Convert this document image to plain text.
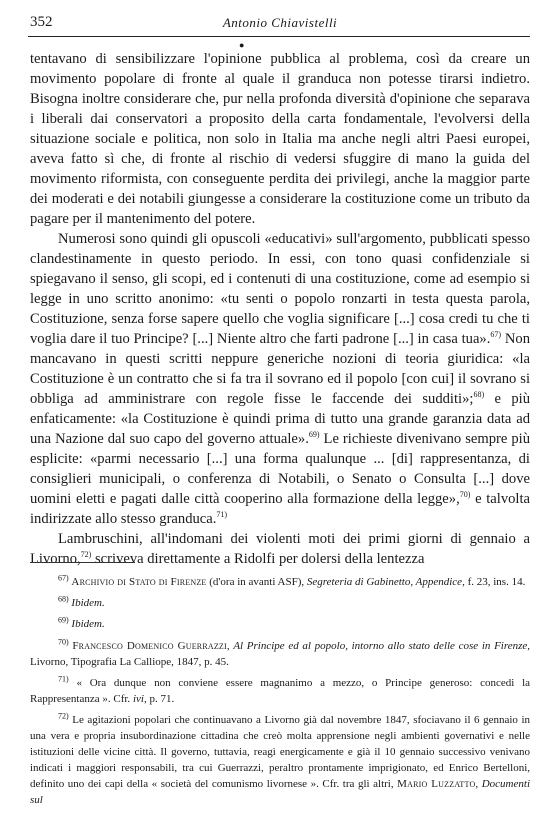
352	Antonio Chiavistelli
●

tentavano di sensibilizzare l'opinione pubblica al problema, così da creare un movimento popolare di fronte al quale il granduca non potesse tirarsi indietro. Bisogna inoltre considerare che, pur nella profonda diversità d'opinione che separava i liberali dai conservatori a proposito della carta fondamentale, l'evolversi della situazione sociale e politica, non solo in Italia ma anche negli altri Paesi europei, aveva fatto sì che, di fronte al rischio di vedersi sfuggire di mano la guida del movimento riformista, con conseguente perdita dei privilegi, anche la maggior parte dei moderati e dei notabili giungesse a considerare la costituzione come un tributo da pagare per il mantenimento del potere.

Numerosi sono quindi gli opuscoli «educativi» sull'argomento, pubblicati spesso clandestinamente in questo periodo. In essi, con tono quasi confidenziale si spiegavano il senso, gli scopi, ed i contenuti di una costituzione, come ad esempio si legge in uno scritto anonimo: «tu senti o popolo ronzarti in testa questa parola, Costituzione, senza forse sapere quello che voglia significare [...] cosa credi tu che ti voglia dare il tuo Principe? [...] Niente altro che farti padrone [...] in casa tua».$^{67)}$ Non mancavano in questi scritti neppure generiche nozioni di teoria giuridica: «la Costituzione è un contratto che si fa tra il sovrano ed il popolo [con cui] il sovrano si obbliga ad amministrare con regole fisse le faccende dei sudditi»;$^{68)}$ e più enfaticamente: «la Costituzione è quindi prima di tutto una grande garanzia data ad una Nazione dal suo capo del governo attuale».$^{69)}$ Le richieste divenivano sempre più esplicite: «parmi necessario [...] una forma qualunque ... [di] rappresentanza, di consiglieri municipali, o conferenza di Notabili, o Senato o Consulta [...] dove uomini eletti e pagati dalle città cooperino alla formazione della legge»,$^{70)}$ e talvolta indirizzate allo stesso granduca.$^{71)}$

Lambruschini, all'indomani dei violenti moti dei primi giorni di gennaio a Livorno,$^{72)}$ scriveva direttamente a Ridolfi per dolersi della lentezza

$^{67)}$ Archivio di Stato di Firenze (d'ora in avanti ASF), Segreteria di Gabinetto, Appendice, f. 23, ins. 14.

$^{68)}$ Ibidem.

$^{69)}$ Ibidem.

$^{70)}$ Francesco Domenico Guerrazzi, Al Principe ed al popolo, intorno allo stato delle cose in Firenze, Livorno, Tipografia La Calliope, 1847, p. 45.

$^{71)}$ « Ora dunque non conviene essere magnanimo a mezzo, o Principe generoso: concedi la Rappresentanza ». Cfr. ivi, p. 71.

$^{72)}$ Le agitazioni popolari che continuavano a Livorno già dal novembre 1847, sfociavano il 6 gennaio in una vera e propria insubordinazione cittadina che creò molta apprensione negli ambienti governativi e nelle istituzioni delle vicine città. Il governo, tuttavia, reagì energicamente e già il 10 gennaio successivo venivano indicati i maggiori responsabili, tra cui Guerrazzi, peraltro prontamente imprigionato, ed Enrico Bertelloni, definito uno dei capi della « società del comunismo livornese ». Cfr. tra gli altri, Mario Luzzatto, Documenti sul
